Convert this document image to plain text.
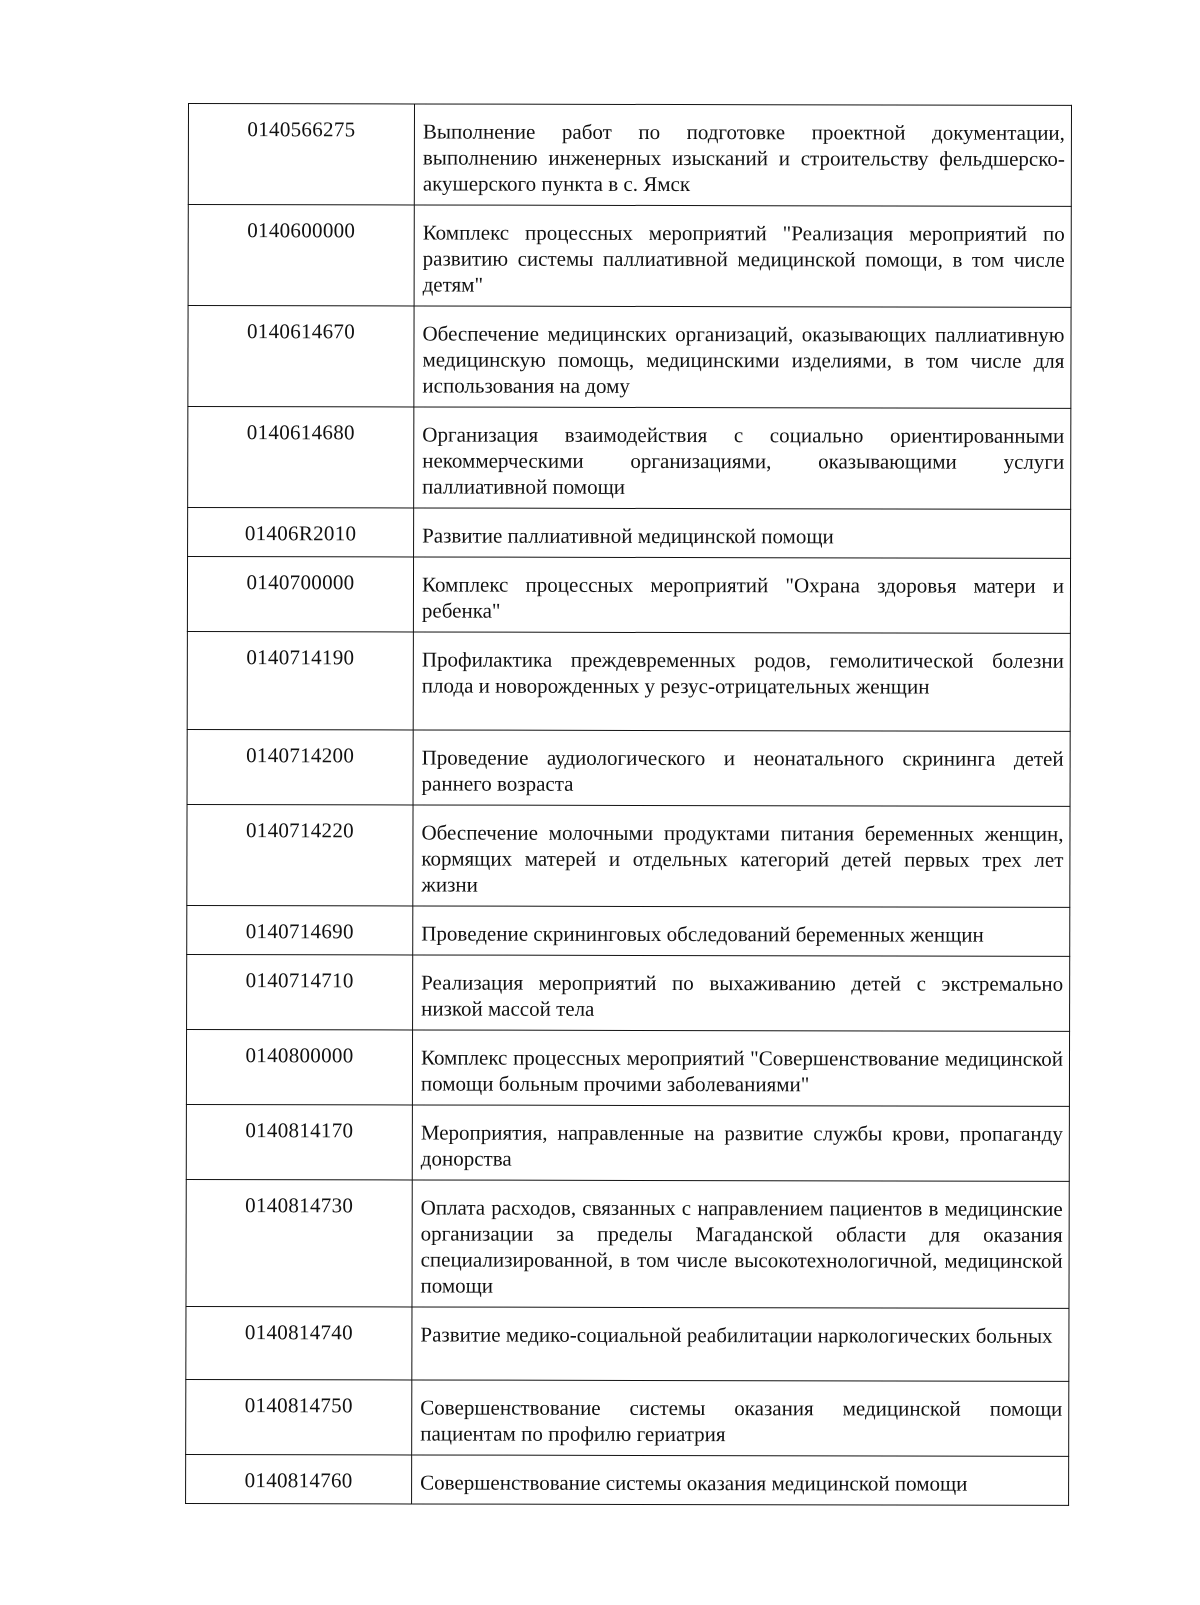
0140566275	Выполнение работ по подготовке проектной документации, выполнению инженерных изысканий и строительству фельдшерско-акушерского пункта в с. Ямск
0140600000	Комплекс процессных мероприятий "Реализация мероприятий по развитию системы паллиативной медицинской помощи, в том числе детям"
0140614670	Обеспечение медицинских организаций, оказывающих паллиативную медицинскую помощь, медицинскими изделиями, в том числе для использования на дому
0140614680	Организация взаимодействия с социально ориентированными некоммерческими организациями, оказывающими услуги паллиативной помощи
01406R2010	Развитие паллиативной медицинской помощи
0140700000	Комплекс процессных мероприятий "Охрана здоровья матери и ребенка"
0140714190	Профилактика преждевременных родов, гемолитической болезни плода и новорожденных у резус-отрицательных женщин
0140714200	Проведение аудиологического и неонатального скрининга детей раннего возраста
0140714220	Обеспечение молочными продуктами питания беременных женщин, кормящих матерей и отдельных категорий детей первых трех лет жизни
0140714690	Проведение скрининговых обследований беременных женщин
0140714710	Реализация мероприятий по выхаживанию детей с экстремально низкой массой тела
0140800000	Комплекс процессных мероприятий "Совершенствование медицинской помощи больным прочими заболеваниями"
0140814170	Мероприятия, направленные на развитие службы крови, пропаганду донорства
0140814730	Оплата расходов, связанных с направлением пациентов в медицинские организации за пределы Магаданской области для оказания специализированной, в том числе высокотехнологичной, медицинской помощи
0140814740	Развитие медико-социальной реабилитации наркологических больных
0140814750	Совершенствование системы оказания медицинской помощи пациентам по профилю гериатрия
0140814760	Совершенствование системы оказания медицинской помощи
